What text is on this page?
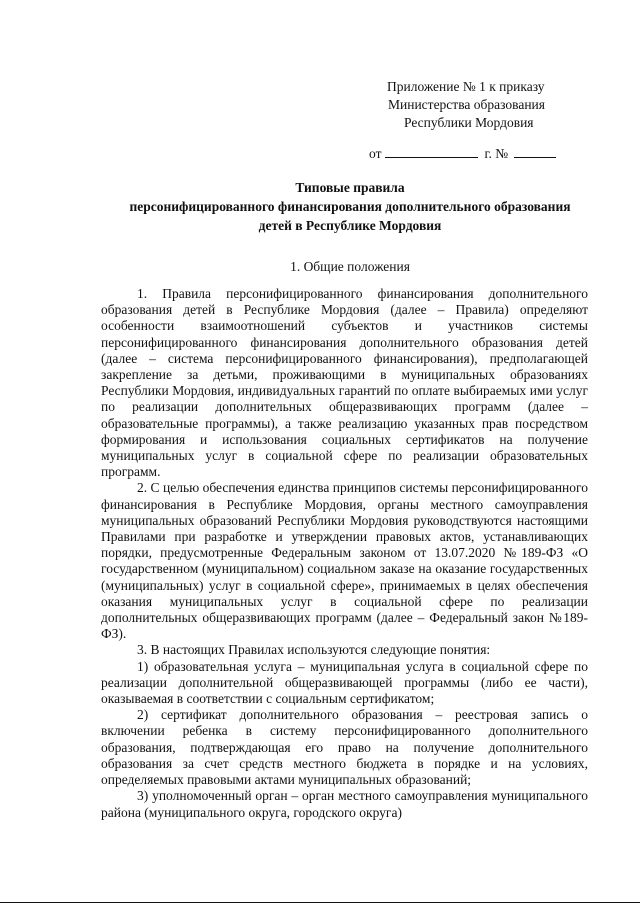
Приложение № 1 к приказу
Министерства образования
Республики Мордовия
от	г. №
Типовые правила
персонифицированного финансирования дополнительного образования
детей в Республике Мордовия
1. Общие положения

1. Правила персонифицированного финансирования дополнительного образования детей в Республике Мордовия (далее – Правила) определяют особенности взаимоотношений субъектов и участников системы персонифицированного финансирования дополнительного образования детей (далее – система персонифицированного финансирования), предполагающей закрепление за детьми, проживающими в муниципальных образованиях Республики Мордовия, индивидуальных гарантий по оплате выбираемых ими услуг по реализации дополнительных общеразвивающих программ (далее – образовательные программы), а также реализацию указанных прав посредством формирования и использования социальных сертификатов на получение муниципальных услуг в социальной сфере по реализации образовательных программ.

2. С целью обеспечения единства принципов системы персонифицированного финансирования в Республике Мордовия, органы местного самоуправления муниципальных образований Республики Мордовия руководствуются настоящими Правилами при разработке и утверждении правовых актов, устанавливающих порядки, предусмотренные Федеральным законом от 13.07.2020 №189-ФЗ «О государственном (муниципальном) социальном заказе на оказание государственных (муниципальных) услуг в социальной сфере», принимаемых в целях обеспечения оказания муниципальных услуг в социальной сфере по реализации дополнительных общеразвивающих программ (далее – Федеральный закон №189-ФЗ).

3. В настоящих Правилах используются следующие понятия:

1) образовательная услуга – муниципальная услуга в социальной сфере по реализации дополнительной общеразвивающей программы (либо ее части), оказываемая в соответствии с социальным сертификатом;

2) сертификат дополнительного образования – реестровая запись о включении ребенка в систему персонифицированного дополнительного образования, подтверждающая его право на получение дополнительного образования за счет средств местного бюджета в порядке и на условиях, определяемых правовыми актами муниципальных образований;

3) уполномоченный орган – орган местного самоуправления муниципального района (муниципального округа, городского округа)
